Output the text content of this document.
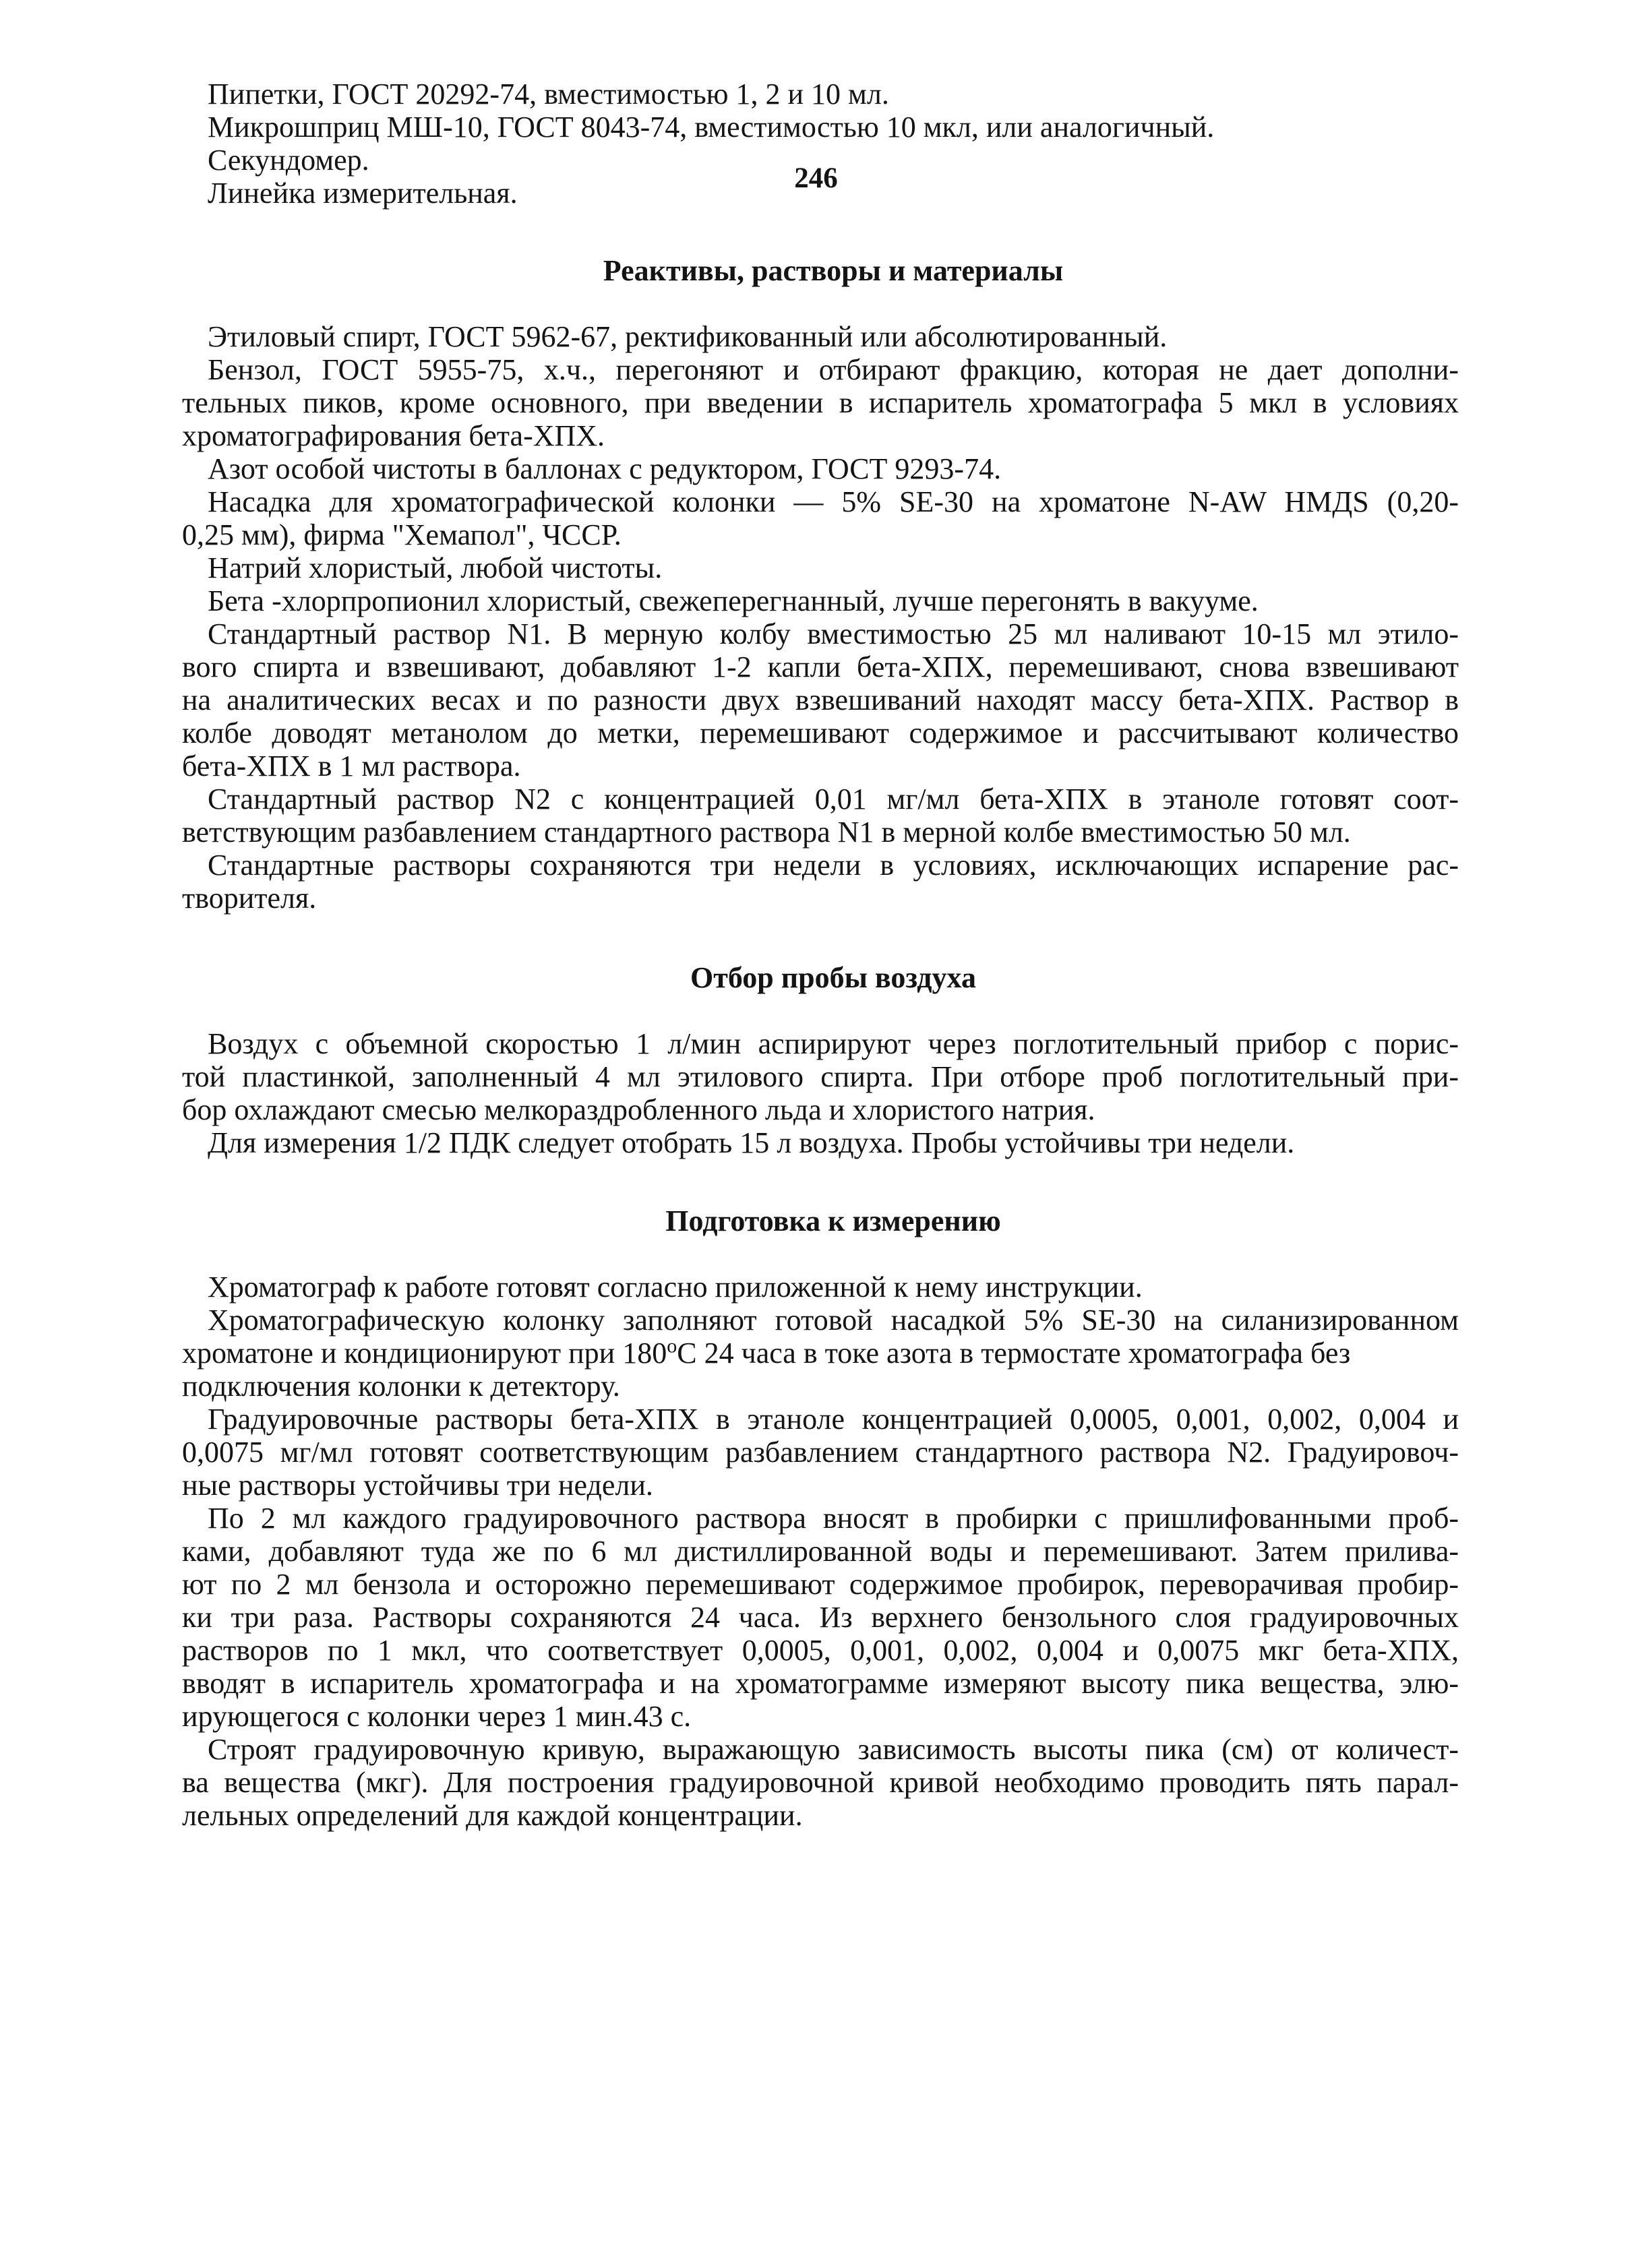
246
Пипетки, ГОСТ 20292-74, вместимостью 1, 2 и 10 мл.
Микрошприц МШ-10, ГОСТ 8043-74, вместимостью 10 мкл, или аналогичный.
Секундомер.
Линейка измерительная.
Реактивы, растворы и материалы
Этиловый спирт, ГОСТ 5962-67, ректификованный или абсолютированный.
Бензол, ГОСТ 5955-75, х.ч., перегоняют и отбирают фракцию, которая не дает дополни-
тельных пиков, кроме основного, при введении в испаритель хроматографа 5 мкл в условиях
хроматографирования бета-ХПХ.
Азот особой чистоты в баллонах с редуктором, ГОСТ 9293-74.
Насадка для хроматографической колонки — 5% SE-30 на хроматоне N-AW HMДS (0,20-
0,25 мм), фирма "Хемапол", ЧССР.
Натрий хлористый, любой чистоты.
Бета -хлорпропионил хлористый, свежеперегнанный, лучше перегонять в вакууме.
Стандартный раствор N1. В мерную колбу вместимостью 25 мл наливают 10-15 мл этило-
вого спирта и взвешивают, добавляют 1-2 капли бета-ХПХ, перемешивают, снова взвешивают
на аналитических весах и по разности двух взвешиваний находят массу бета-ХПХ. Раствор в
колбе доводят метанолом до метки, перемешивают содержимое и рассчитывают количество
бета-ХПХ в 1 мл раствора.
Стандартный раствор N2 с концентрацией 0,01 мг/мл бета-ХПХ в этаноле готовят соот-
ветствующим разбавлением стандартного раствора N1 в мерной колбе вместимостью 50 мл.
Стандартные растворы сохраняются три недели в условиях, исключающих испарение рас-
творителя.
Отбор пробы воздуха
Воздух с объемной скоростью 1 л/мин аспирируют через поглотительный прибор с порис-
той пластинкой, заполненный 4 мл этилового спирта. При отборе проб поглотительный при-
бор охлаждают смесью мелкораздробленного льда и хлористого натрия.
Для измерения 1/2 ПДК следует отобрать 15 л воздуха. Пробы устойчивы три недели.
Подготовка к измерению
Хроматограф к работе готовят согласно приложенной к нему инструкции.
Хроматографическую колонку заполняют готовой насадкой 5% SE-30 на силанизированном
хроматоне и кондиционируют при 180$^o$C 24 часа в токе азота в термостате хроматографа без
подключения колонки к детектору.
Градуировочные растворы бета-ХПХ в этаноле концентрацией 0,0005, 0,001, 0,002, 0,004 и
0,0075 мг/мл готовят соответствующим разбавлением стандартного раствора N2. Градуировоч-
ные растворы устойчивы три недели.
По 2 мл каждого градуировочного раствора вносят в пробирки с пришлифованными проб-
ками, добавляют туда же по 6 мл дистиллированной воды и перемешивают. Затем прилива-
ют по 2 мл бензола и осторожно перемешивают содержимое пробирок, переворачивая пробир-
ки три раза. Растворы сохраняются 24 часа. Из верхнего бензольного слоя градуировочных
растворов по 1 мкл, что соответствует 0,0005, 0,001, 0,002, 0,004 и 0,0075 мкг бета-ХПХ,
вводят в испаритель хроматографа и на хроматограмме измеряют высоту пика вещества, элю-
ирующегося с колонки через 1 мин.43 с.
Строят градуировочную кривую, выражающую зависимость высоты пика (см) от количест-
ва вещества (мкг). Для построения градуировочной кривой необходимо проводить пять парал-
лельных определений для каждой концентрации.
